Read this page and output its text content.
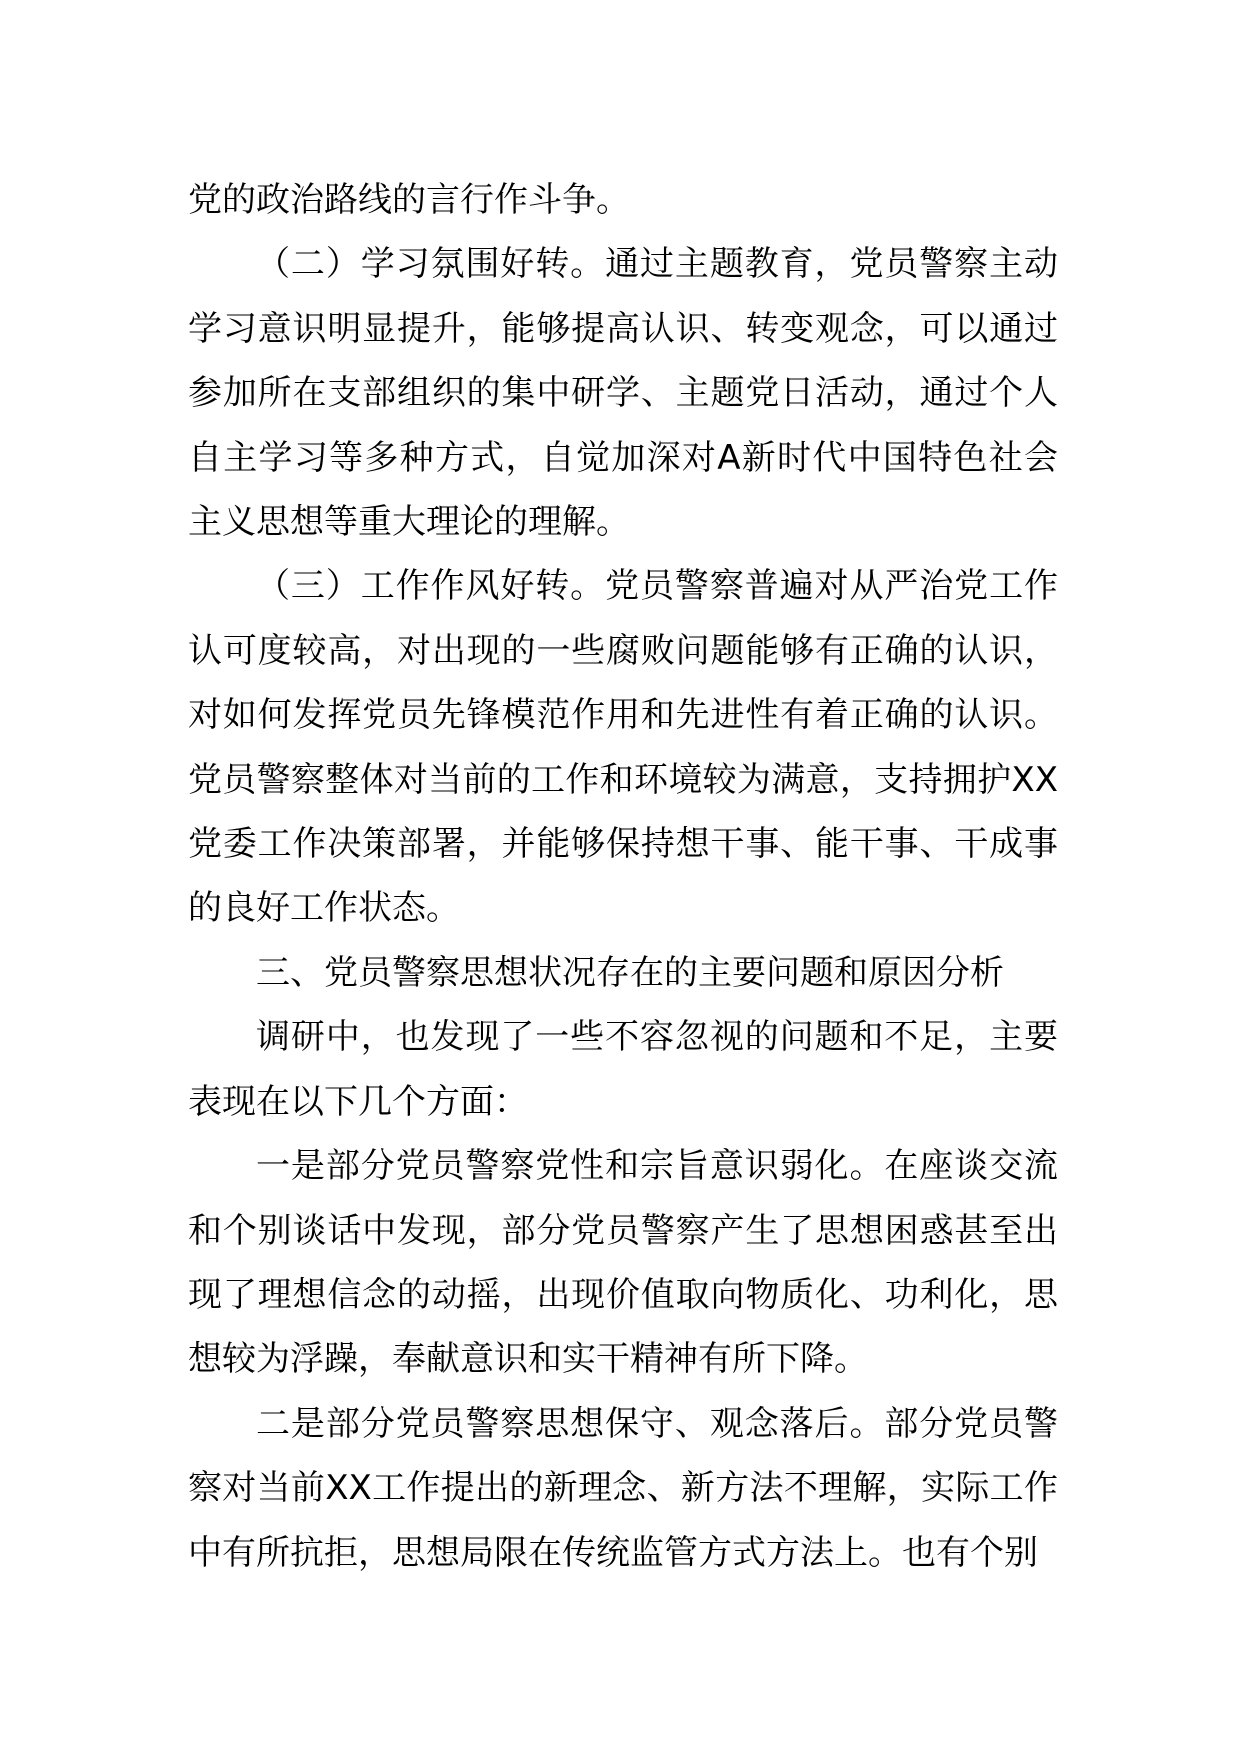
党的政治路线的言行作斗争。

（二）学习氛围好转。通过主题教育，党员警察主动学习意识明显提升，能够提高认识、转变观念，可以通过参加所在支部组织的集中研学、主题党日活动，通过个人自主学习等多种方式，自觉加深对A新时代中国特色社会主义思想等重大理论的理解。

（三）工作作风好转。党员警察普遍对从严治党工作认可度较高，对出现的一些腐败问题能够有正确的认识，对如何发挥党员先锋模范作用和先进性有着正确的认识。党员警察整体对当前的工作和环境较为满意，支持拥护XX党委工作决策部署，并能够保持想干事、能干事、干成事的良好工作状态。

三、党员警察思想状况存在的主要问题和原因分析

调研中，也发现了一些不容忽视的问题和不足，主要表现在以下几个方面：

一是部分党员警察党性和宗旨意识弱化。在座谈交流和个别谈话中发现，部分党员警察产生了思想困惑甚至出现了理想信念的动摇，出现价值取向物质化、功利化，思想较为浮躁，奉献意识和实干精神有所下降。

二是部分党员警察思想保守、观念落后。部分党员警察对当前XX工作提出的新理念、新方法不理解，实际工作中有所抗拒，思想局限在传统监管方式方法上。也有个别
